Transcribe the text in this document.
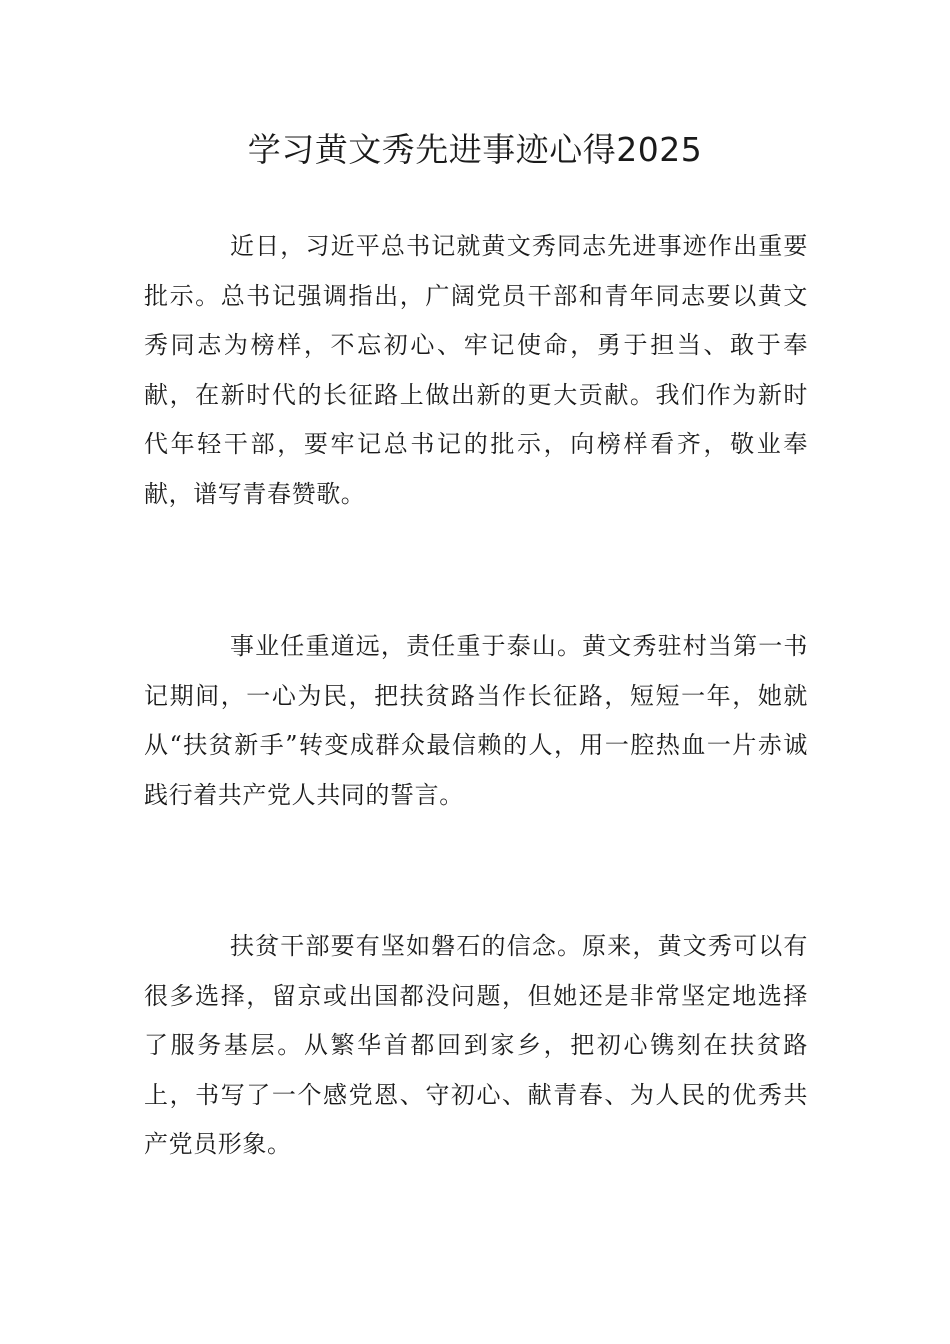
学习黄文秀先进事迹心得2025

近日，习近平总书记就黄文秀同志先进事迹作出重要批示。总书记强调指出，广阔党员干部和青年同志要以黄文秀同志为榜样，不忘初心、牢记使命，勇于担当、敢于奉献，在新时代的长征路上做出新的更大贡献。我们作为新时代年轻干部，要牢记总书记的批示，向榜样看齐，敬业奉献，谱写青春赞歌。

事业任重道远，责任重于泰山。黄文秀驻村当第一书记期间，一心为民，把扶贫路当作长征路，短短一年，她就从“扶贫新手”转变成群众最信赖的人，用一腔热血一片赤诚践行着共产党人共同的誓言。

扶贫干部要有坚如磐石的信念。原来，黄文秀可以有很多选择，留京或出国都没问题，但她还是非常坚定地选择了服务基层。从繁华首都回到家乡，把初心镌刻在扶贫路上，书写了一个感党恩、守初心、献青春、为人民的优秀共产党员形象。
